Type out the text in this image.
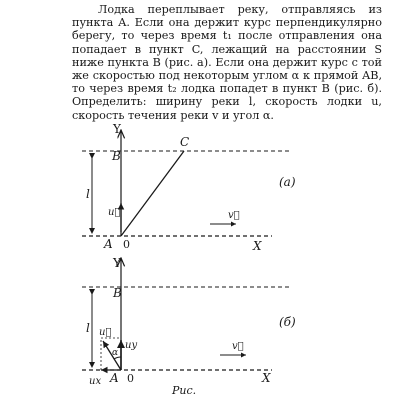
Лодка переплывает реку, отправляясь из пункта A. Если она держит курс перпендикулярно берегу, то через время t₁ после отправления она попадает в пункт C, лежащий на расстоянии S ниже пункта B (рис. а). Если она держит курс с той же скоростью под некоторым углом α к прямой AB, то через время t₂ лодка попадет в пункт B (рис. б). Определить: ширину реки l, скорость лодки u, скорость течения реки v и угол α.

Y
X
l
u⃗	v⃗
B
C
A 0
(a)
Y
X
l
ux
uy
u⃗
α
v⃗
B
A 0
(б)
Рис.
